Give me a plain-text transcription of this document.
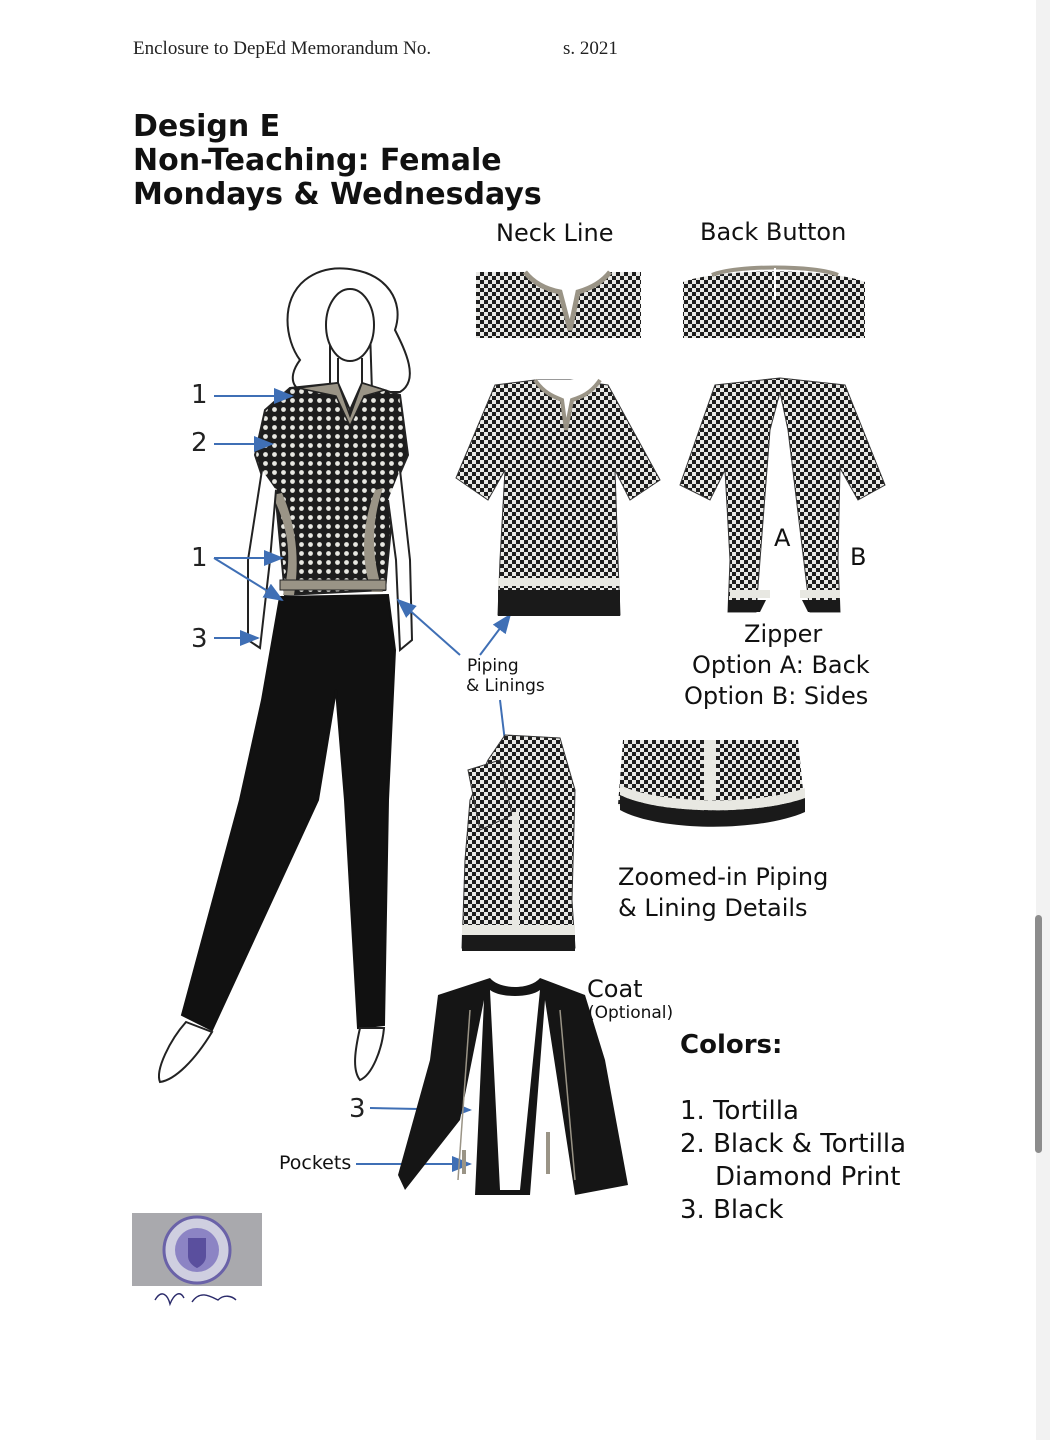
Enclosure to DepEd Memorandum No.	s. 2021
Design E
Non-Teaching: Female
Mondays & Wednesdays
Neck Line	Back Button
A
B
Zipper
Option A: Back
Option B: Sides
Piping
& Linings
Zoomed-in Piping
& Lining Details
Coat
(Optional)
Pockets
1
2
1
3
3
Colors:
1. Tortilla
2. Black & Tortilla
Diamond Print
3. Black
